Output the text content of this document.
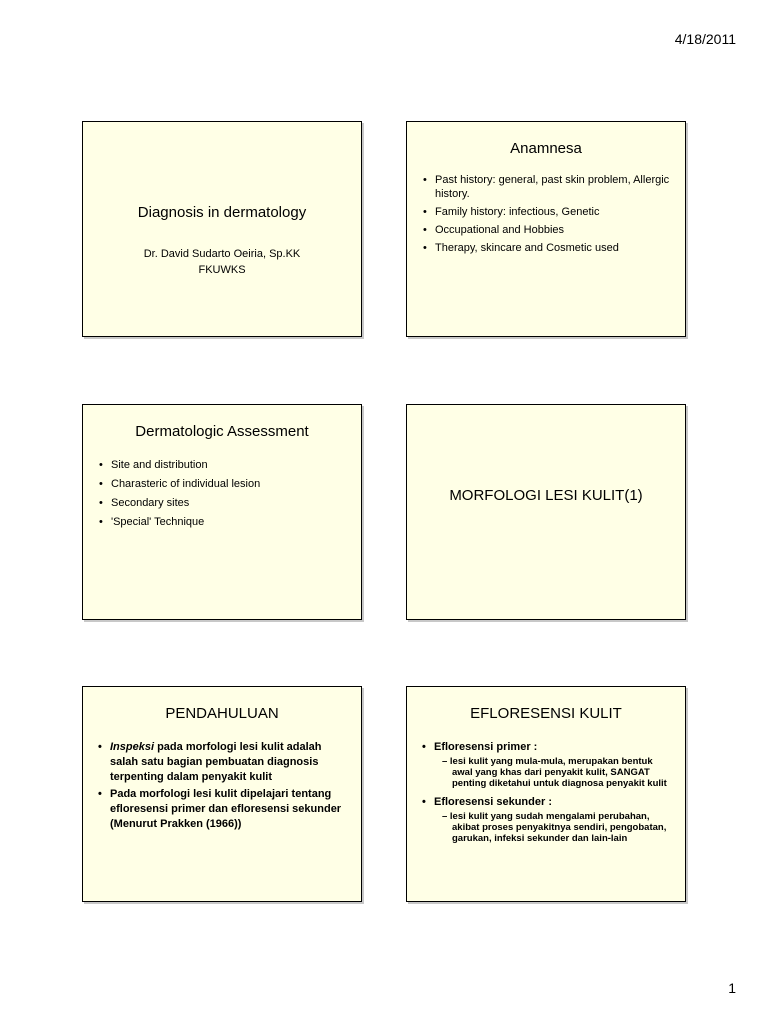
4/18/2011
Diagnosis in dermatology
Dr. David Sudarto Oeiria, Sp.KK
FKUWKS
Anamnesa
• Past history: general, past skin problem, Allergic history.
• Family history: infectious, Genetic
• Occupational and Hobbies
• Therapy, skincare and Cosmetic used
Dermatologic Assessment
• Site and distribution
• Charasteric of individual lesion
• Secondary sites
• 'Special' Technique
MORFOLOGI LESI KULIT(1)
PENDAHULUAN
• Inspeksi pada morfologi lesi kulit adalah salah satu bagian pembuatan diagnosis terpenting dalam penyakit kulit
• Pada morfologi lesi kulit dipelajari tentang efloresensi primer dan efloresensi sekunder (Menurut Prakken (1966))
EFLORESENSI KULIT
• Efloresensi primer :
– lesi kulit yang mula-mula, merupakan bentuk awal yang khas dari penyakit kulit, SANGAT penting diketahui untuk diagnosa penyakit kulit
• Efloresensi sekunder :
– lesi kulit yang sudah mengalami perubahan, akibat proses penyakitnya sendiri, pengobatan, garukan, infeksi sekunder dan lain-lain
1
